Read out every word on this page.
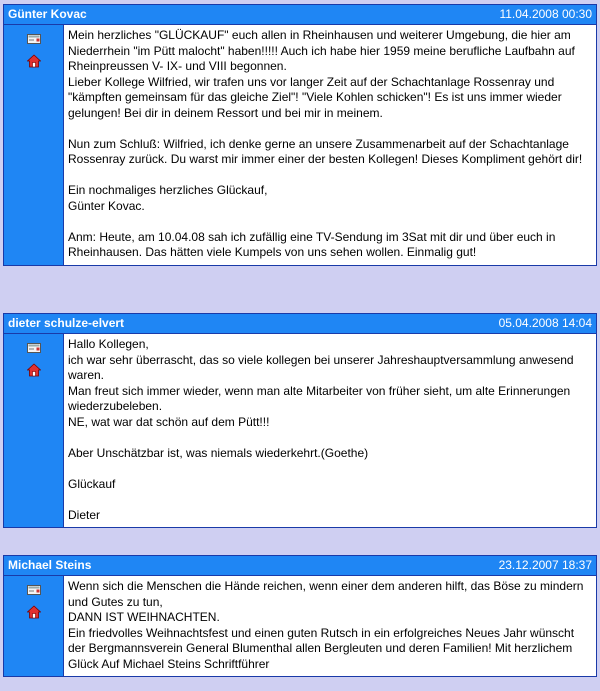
Günter Kovac	11.04.2008 00:30
Mein herzliches "GLÜCKAUF" euch allen in Rheinhausen und weiterer Umgebung, die hier am Niederrhein "im Pütt malocht" haben!!!!! Auch ich habe hier 1959 meine berufliche Laufbahn auf Rheinpreussen V- IX- und VIII begonnen.
Lieber Kollege Wilfried, wir trafen uns vor langer Zeit auf der Schachtanlage Rossenray und "kämpften gemeinsam für das gleiche Ziel"! "Viele Kohlen schicken"! Es ist uns immer wieder gelungen! Bei dir in deinem Ressort und bei mir in meinem.

Nun zum Schluß: Wilfried, ich denke gerne an unsere Zusammenarbeit auf der Schachtanlage Rossenray zurück. Du warst mir immer einer der besten Kollegen! Dieses Kompliment gehört dir!

Ein nochmaliges herzliches Glückauf,
Günter Kovac.

Anm: Heute, am 10.04.08 sah ich zufällig eine TV-Sendung im 3Sat mit dir und über euch in Rheinhausen. Das hätten viele Kumpels von uns sehen wollen. Einmalig gut!
dieter schulze-elvert	05.04.2008 14:04
Hallo Kollegen,
ich war sehr überrascht, das so viele kollegen bei unserer Jahreshauptversammlung anwesend waren.
Man freut sich immer wieder, wenn man alte Mitarbeiter von früher sieht, um alte Erinnerungen wiederzubeleben.
NE, wat war dat schön auf dem Pütt!!!

Aber Unschätzbar ist, was niemals wiederkehrt.(Goethe)

Glückauf

Dieter
Michael Steins	23.12.2007 18:37
Wenn sich die Menschen die Hände reichen, wenn einer dem anderen hilft, das Böse zu mindern und Gutes zu tun,
DANN IST WEIHNACHTEN.
Ein friedvolles Weihnachtsfest und einen guten Rutsch in ein erfolgreiches Neues Jahr wünscht der Bergmannsverein General Blumenthal allen Bergleuten und deren Familien! Mit herzlichem Glück Auf Michael Steins Schriftführer
